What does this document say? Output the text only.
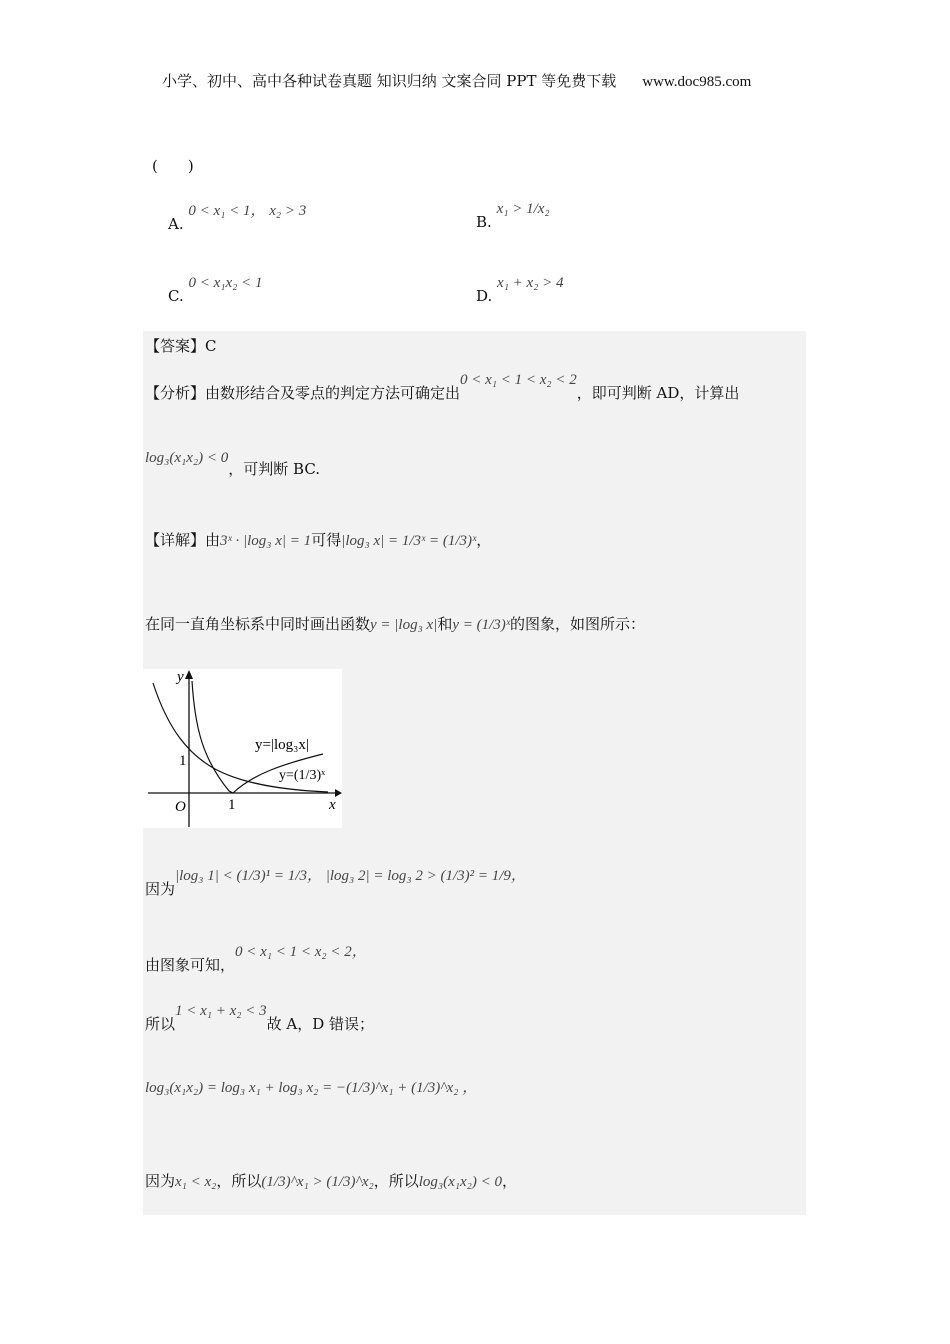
小学、初中、高中各种试卷真题 知识归纳 文案合同 PPT 等免费下载 www.doc985.com
(　　)
A. 0 < x₁ < 1， x₂ > 3
B. x₁ > 1/x₂
C. 0 < x₁x₂ < 1
D. x₁ + x₂ > 4
【答案】C
【分析】由数形结合及零点的判定方法可确定出0 < x₁ < 1 < x₂ < 2，即可判断 AD，计算出
log₃(x₁x₂) < 0，可判断 BC.
【详解】由3ˣ · |log₃ x| = 1可得|log₃ x| = 1/3ˣ = (1/3)ˣ，
在同一直角坐标系中同时画出函数y = |log₃ x|和y = (1/3)ˣ的图象，如图所示：
y
x
O	1
1
y=|log₃x|
y=(1/3)ˣ
因为|log₃ 1| < (1/3)¹ = 1/3， |log₃ 2| = log₃ 2 > (1/3)² = 1/9，
由图象可知，0 < x₁ < 1 < x₂ < 2，
所以1 < x₁ + x₂ < 3故 A，D 错误；
log₃(x₁x₂) = log₃ x₁ + log₃ x₂ = −(1/3)^x₁ + (1/3)^x₂ ，
因为x₁ < x₂，所以(1/3)^x₁ > (1/3)^x₂，所以log₃(x₁x₂) < 0，
